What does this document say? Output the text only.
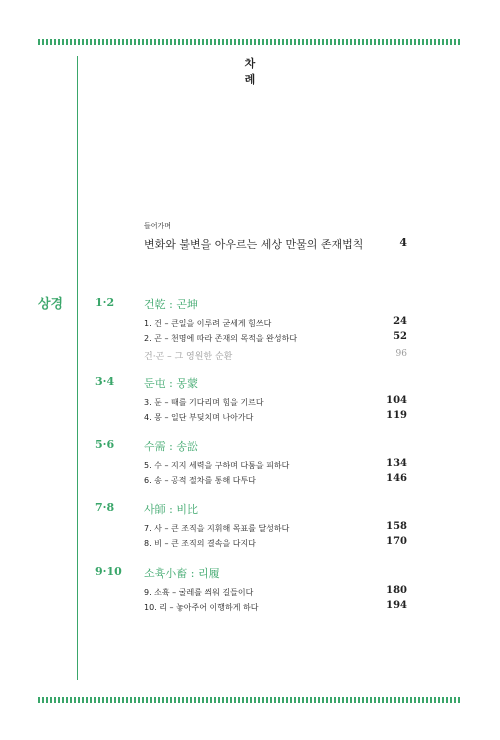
차
례
들어가며
변화와 불변을 아우르는 세상 만물의 존재법칙	4
상경	1·2	건乾 : 곤坤
1. 건 – 큰일을 이루려 굳세게 힘쓰다	24
2. 곤 – 천명에 따라 존재의 목적을 완성하다	52
건·곤 – 그 영원한 순환	96
3·4	둔屯 : 몽蒙
3. 둔 – 때를 기다리며 힘을 기르다	104
4. 몽 – 일단 부딪치며 나아가다	119
5·6	수需 : 송訟
5. 수 – 지지 세력을 구하며 다툼을 피하다	134
6. 송 – 공적 절차를 통해 다투다	146
7·8	사師 : 비比
7. 사 – 큰 조직을 지휘해 목표를 달성하다	158
8. 비 – 큰 조직의 결속을 다지다	170
9·10 소휵小畜 : 리履
9. 소휵 – 굴레를 씌워 길들이다	180
10. 리 – 놓아주어 이행하게 하다	194
